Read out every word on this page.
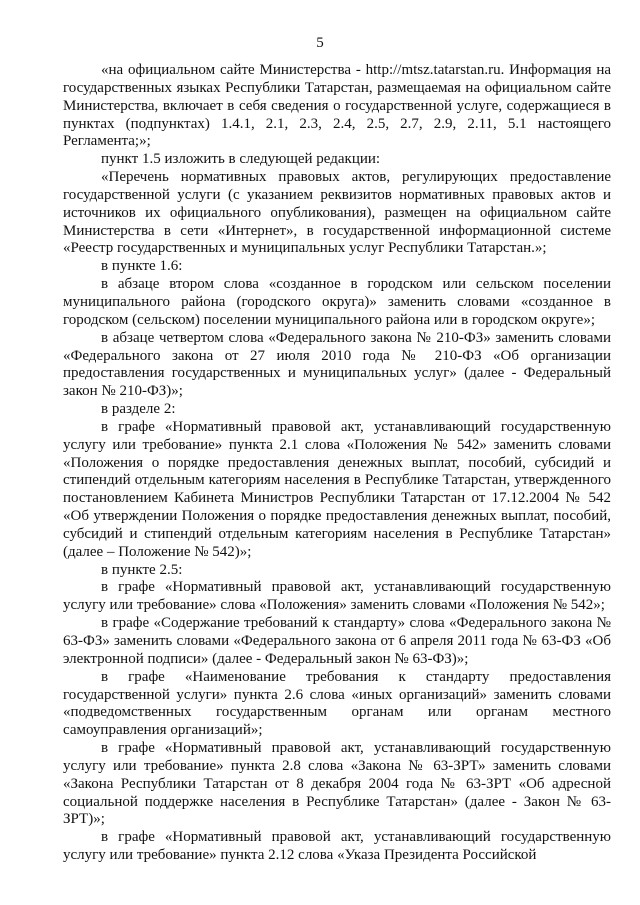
5

«на официальном сайте Министерства - http://mtsz.tatarstan.ru. Информация на государственных языках Республики Татарстан, размещаемая на официальном сайте Министерства, включает в себя сведения о государственной услуге, содержащиеся в пунктах (подпунктах) 1.4.1, 2.1, 2.3, 2.4, 2.5, 2.7, 2.9, 2.11, 5.1 настоящего Регламента;»;

пункт 1.5 изложить в следующей редакции:

«Перечень нормативных правовых актов, регулирующих предоставление государственной услуги (с указанием реквизитов нормативных правовых актов и источников их официального опубликования), размещен на официальном сайте Министерства в сети «Интернет», в государственной информационной системе «Реестр государственных и муниципальных услуг Республики Татарстан.»;

в пункте 1.6:

в абзаце втором слова «созданное в городском или сельском поселении муниципального района (городского округа)» заменить словами «созданное в городском (сельском) поселении муниципального района или в городском округе»;

в абзаце четвертом слова «Федерального закона № 210-ФЗ» заменить словами «Федерального закона от 27 июля 2010 года № 210-ФЗ «Об организации предоставления государственных и муниципальных услуг» (далее - Федеральный закон № 210-ФЗ)»;

в разделе 2:

в графе «Нормативный правовой акт, устанавливающий государственную услугу или требование» пункта 2.1 слова «Положения № 542» заменить словами «Положения о порядке предоставления денежных выплат, пособий, субсидий и стипендий отдельным категориям населения в Республике Татарстан, утвержденного постановлением Кабинета Министров Республики Татарстан от 17.12.2004 № 542 «Об утверждении Положения о порядке предоставления денежных выплат, пособий, субсидий и стипендий отдельным категориям населения в Республике Татарстан» (далее – Положение № 542)»;

в пункте 2.5:

в графе «Нормативный правовой акт, устанавливающий государственную услугу или требование» слова «Положения» заменить словами «Положения № 542»;

в графе «Содержание требований к стандарту» слова «Федерального закона № 63-ФЗ» заменить словами «Федерального закона от 6 апреля 2011 года № 63-ФЗ «Об электронной подписи» (далее - Федеральный закон № 63-ФЗ)»;

в графе «Наименование требования к стандарту предоставления государственной услуги» пункта 2.6 слова «иных организаций» заменить словами «подведомственных государственным органам или органам местного самоуправления организаций»;

в графе «Нормативный правовой акт, устанавливающий государственную услугу или требование» пункта 2.8 слова «Закона № 63-ЗРТ» заменить словами «Закона Республики Татарстан от 8 декабря 2004 года № 63-ЗРТ «Об адресной социальной поддержке населения в Республике Татарстан» (далее - Закон № 63-ЗРТ)»;

в графе «Нормативный правовой акт, устанавливающий государственную услугу или требование» пункта 2.12 слова «Указа Президента Российской
